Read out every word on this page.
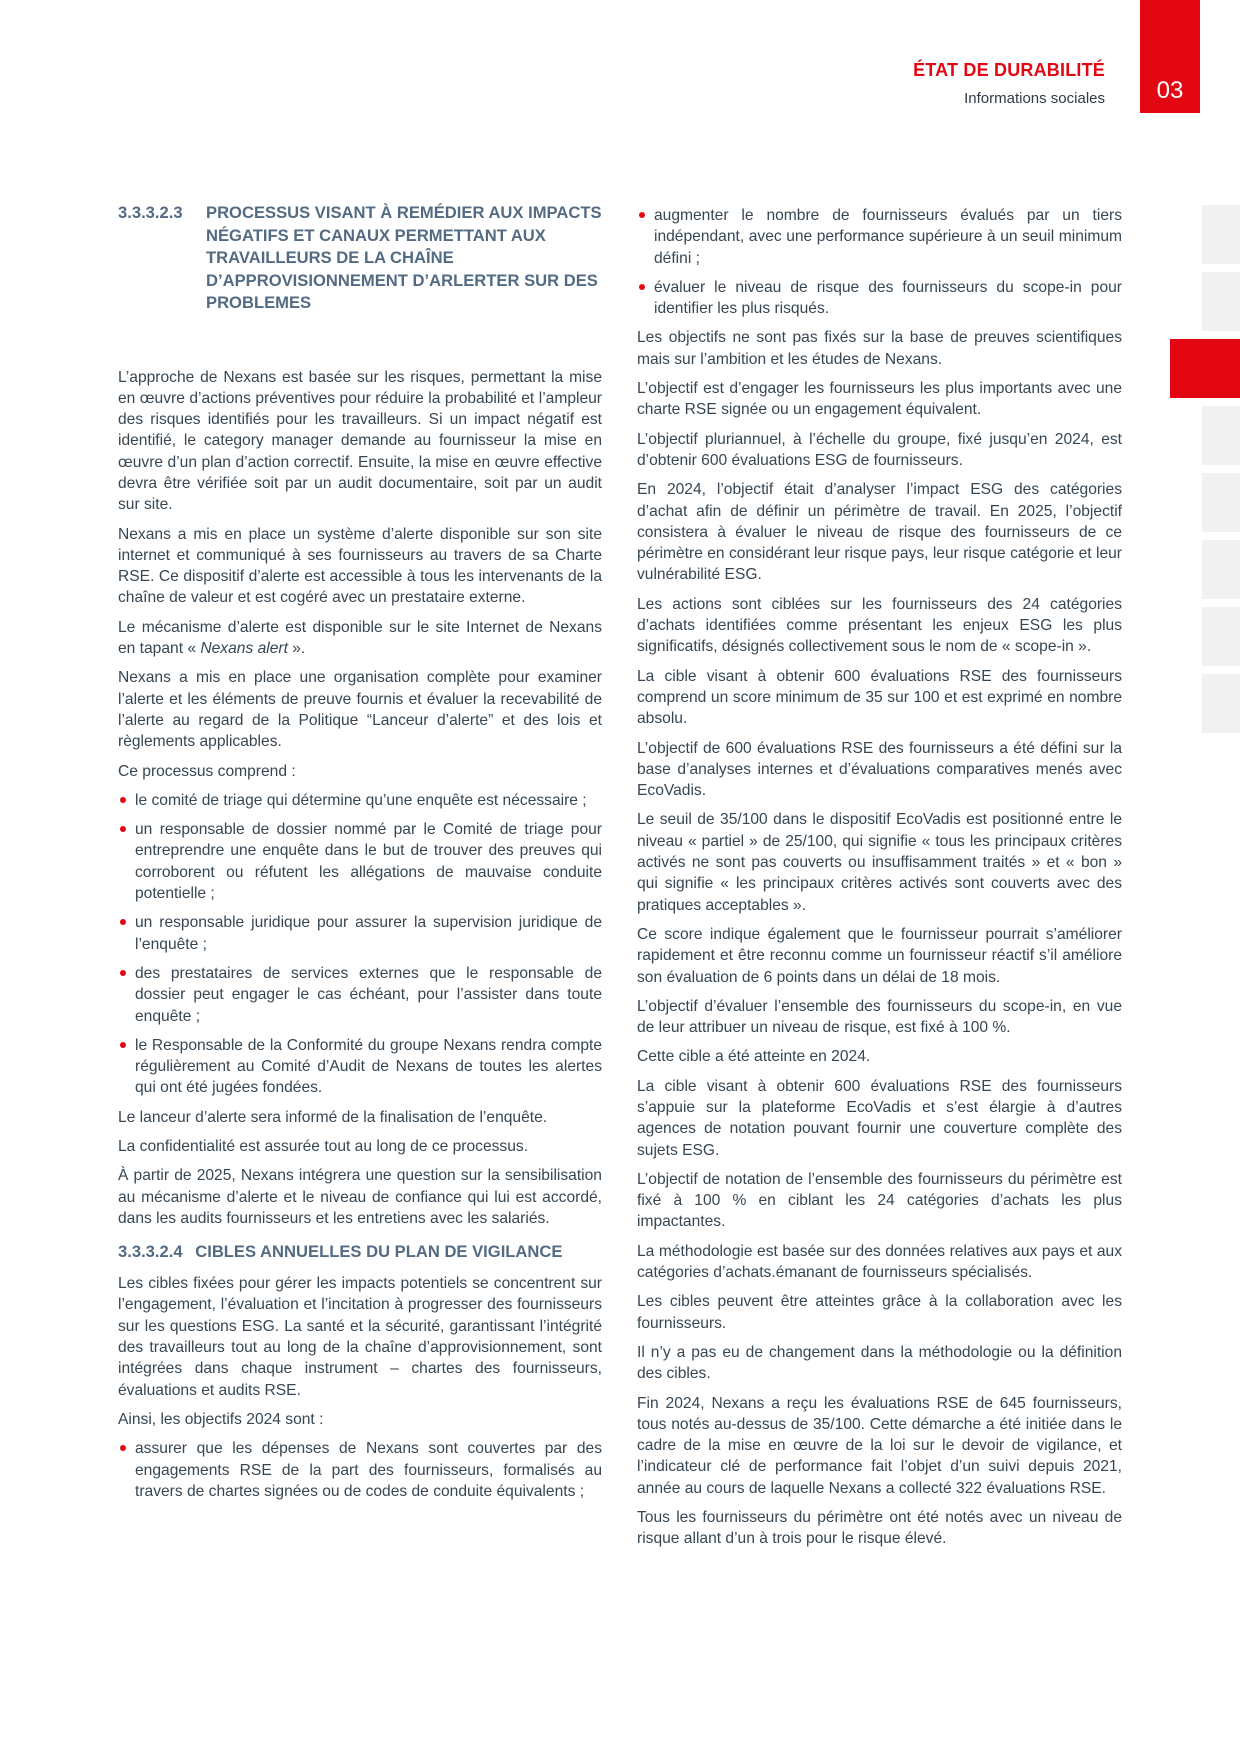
ÉTAT DE DURABILITÉ
Informations sociales	03
3.3.3.2.3	PROCESSUS VISANT À REMÉDIER AUX IMPACTS NÉGATIFS ET CANAUX PERMETTANT AUX TRAVAILLEURS DE LA CHAÎNE D’APPROVISIONNEMENT D’ARLERTER SUR DES PROBLEMES

L’approche de Nexans est basée sur les risques, permettant la mise en œuvre d’actions préventives pour réduire la probabilité et l’ampleur des risques identifiés pour les travailleurs. Si un impact négatif est identifié, le category manager demande au fournisseur la mise en œuvre d’un plan d’action correctif. Ensuite, la mise en œuvre effective devra être vérifiée soit par un audit documentaire, soit par un audit sur site.

Nexans a mis en place un système d’alerte disponible sur son site internet et communiqué à ses fournisseurs au travers de sa Charte RSE. Ce dispositif d’alerte est accessible à tous les intervenants de la chaîne de valeur et est cogéré avec un prestataire externe.

Le mécanisme d’alerte est disponible sur le site Internet de Nexans en tapant « Nexans alert ».

Nexans a mis en place une organisation complète pour examiner l’alerte et les éléments de preuve fournis et évaluer la recevabilité de l’alerte au regard de la Politique “Lanceur d’alerte” et des lois et règlements applicables.

Ce processus comprend :

le comité de triage qui détermine qu’une enquête est nécessaire ;
un responsable de dossier nommé par le Comité de triage pour entreprendre une enquête dans le but de trouver des preuves qui corroborent ou réfutent les allégations de mauvaise conduite potentielle ;
un responsable juridique pour assurer la supervision juridique de l’enquête ;
des prestataires de services externes que le responsable de dossier peut engager le cas échéant, pour l’assister dans toute enquête ;
le Responsable de la Conformité du groupe Nexans rendra compte régulièrement au Comité d’Audit de Nexans de toutes les alertes qui ont été jugées fondées.

Le lanceur d’alerte sera informé de la finalisation de l’enquête.

La confidentialité est assurée tout au long de ce processus.

À partir de 2025, Nexans intégrera une question sur la sensibilisation au mécanisme d’alerte et le niveau de confiance qui lui est accordé, dans les audits fournisseurs et les entretiens avec les salariés.

3.3.3.2.4 CIBLES ANNUELLES DU PLAN DE VIGILANCE

Les cibles fixées pour gérer les impacts potentiels se concentrent sur l’engagement, l’évaluation et l’incitation à progresser des fournisseurs sur les questions ESG. La santé et la sécurité, garantissant l’intégrité des travailleurs tout au long de la chaîne d’approvisionnement, sont intégrées dans chaque instrument – chartes des fournisseurs, évaluations et audits RSE.

Ainsi, les objectifs 2024 sont :

assurer que les dépenses de Nexans sont couvertes par des engagements RSE de la part des fournisseurs, formalisés au travers de chartes signées ou de codes de conduite équivalents ;
augmenter le nombre de fournisseurs évalués par un tiers indépendant, avec une performance supérieure à un seuil minimum défini ;
évaluer le niveau de risque des fournisseurs du scope-in pour identifier les plus risqués.

Les objectifs ne sont pas fixés sur la base de preuves scientifiques mais sur l’ambition et les études de Nexans.

L’objectif est d’engager les fournisseurs les plus importants avec une charte RSE signée ou un engagement équivalent.

L’objectif pluriannuel, à l’échelle du groupe, fixé jusqu’en 2024, est d’obtenir 600 évaluations ESG de fournisseurs.

En 2024, l’objectif était d’analyser l’impact ESG des catégories d’achat afin de définir un périmètre de travail. En 2025, l’objectif consistera à évaluer le niveau de risque des fournisseurs de ce périmètre en considérant leur risque pays, leur risque catégorie et leur vulnérabilité ESG.

Les actions sont ciblées sur les fournisseurs des 24 catégories d’achats identifiées comme présentant les enjeux ESG les plus significatifs, désignés collectivement sous le nom de « scope-in ».

La cible visant à obtenir 600 évaluations RSE des fournisseurs comprend un score minimum de 35 sur 100 et est exprimé en nombre absolu.

L’objectif de 600 évaluations RSE des fournisseurs a été défini sur la base d’analyses internes et d’évaluations comparatives menés avec EcoVadis.

Le seuil de 35/100 dans le dispositif EcoVadis est positionné entre le niveau « partiel » de 25/100, qui signifie « tous les principaux critères activés ne sont pas couverts ou insuffisamment traités » et « bon » qui signifie « les principaux critères activés sont couverts avec des pratiques acceptables ».

Ce score indique également que le fournisseur pourrait s’améliorer rapidement et être reconnu comme un fournisseur réactif s’il améliore son évaluation de 6 points dans un délai de 18 mois.

L’objectif d’évaluer l’ensemble des fournisseurs du scope-in, en vue de leur attribuer un niveau de risque, est fixé à 100 %.

Cette cible a été atteinte en 2024.

La cible visant à obtenir 600 évaluations RSE des fournisseurs s’appuie sur la plateforme EcoVadis et s’est élargie à d’autres agences de notation pouvant fournir une couverture complète des sujets ESG.

L’objectif de notation de l’ensemble des fournisseurs du périmètre est fixé à 100 % en ciblant les 24 catégories d’achats les plus impactantes.

La méthodologie est basée sur des données relatives aux pays et aux catégories d’achats.émanant de fournisseurs spécialisés.

Les cibles peuvent être atteintes grâce à la collaboration avec les fournisseurs.

Il n’y a pas eu de changement dans la méthodologie ou la définition des cibles.

Fin 2024, Nexans a reçu les évaluations RSE de 645 fournisseurs, tous notés au-dessus de 35/100. Cette démarche a été initiée dans le cadre de la mise en œuvre de la loi sur le devoir de vigilance, et l’indicateur clé de performance fait l’objet d’un suivi depuis 2021, année au cours de laquelle Nexans a collecté 322 évaluations RSE.

Tous les fournisseurs du périmètre ont été notés avec un niveau de risque allant d’un à trois pour le risque élevé.
